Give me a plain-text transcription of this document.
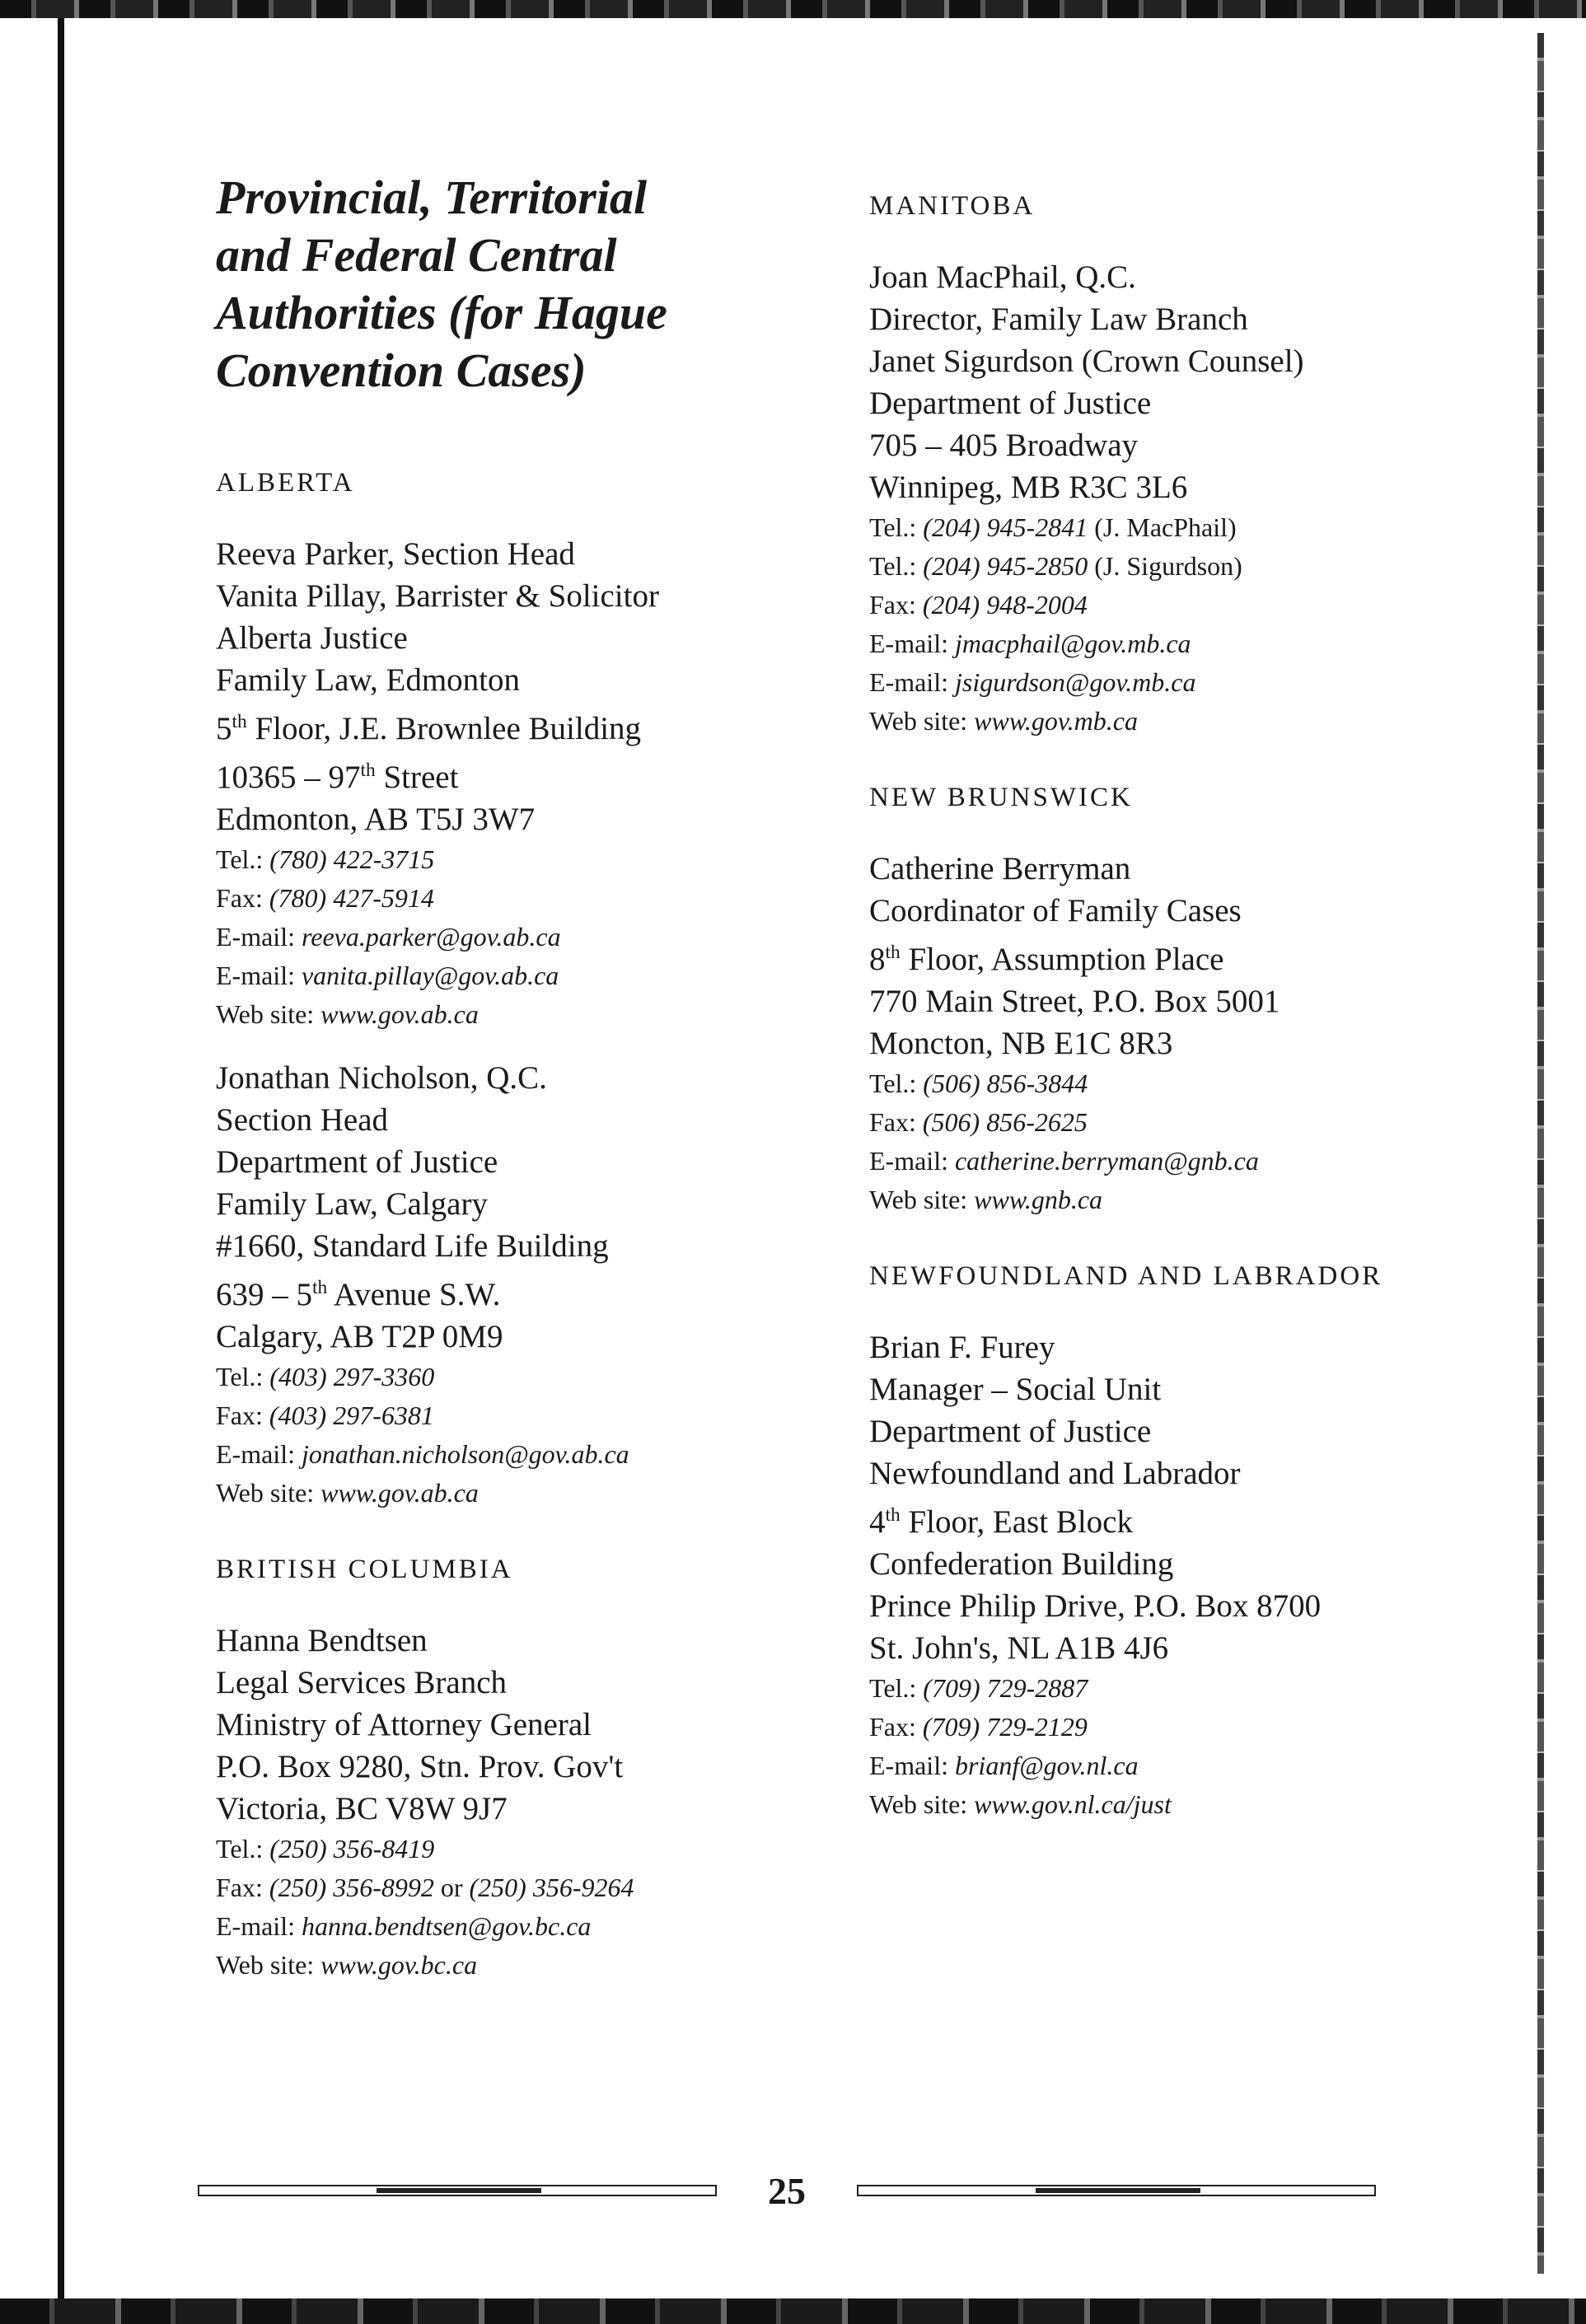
Provincial, Territorial
and Federal Central
Authorities (for Hague
Convention Cases)
ALBERTA
Reeva Parker, Section Head
Vanita Pillay, Barrister & Solicitor
Alberta Justice
Family Law, Edmonton
5th Floor, J.E. Brownlee Building
10365 – 97th Street
Edmonton, AB T5J 3W7
Tel.: (780) 422-3715
Fax: (780) 427-5914
E-mail: reeva.parker@gov.ab.ca
E-mail: vanita.pillay@gov.ab.ca
Web site: www.gov.ab.ca
Jonathan Nicholson, Q.C.
Section Head
Department of Justice
Family Law, Calgary
#1660, Standard Life Building
639 – 5th Avenue S.W.
Calgary, AB T2P 0M9
Tel.: (403) 297-3360
Fax: (403) 297-6381
E-mail: jonathan.nicholson@gov.ab.ca
Web site: www.gov.ab.ca
BRITISH COLUMBIA
Hanna Bendtsen
Legal Services Branch
Ministry of Attorney General
P.O. Box 9280, Stn. Prov. Gov't
Victoria, BC V8W 9J7
Tel.: (250) 356-8419
Fax: (250) 356-8992 or (250) 356-9264
E-mail: hanna.bendtsen@gov.bc.ca
Web site: www.gov.bc.ca
MANITOBA
Joan MacPhail, Q.C.
Director, Family Law Branch
Janet Sigurdson (Crown Counsel)
Department of Justice
705 – 405 Broadway
Winnipeg, MB R3C 3L6
Tel.: (204) 945-2841 (J. MacPhail)
Tel.: (204) 945-2850 (J. Sigurdson)
Fax: (204) 948-2004
E-mail: jmacphail@gov.mb.ca
E-mail: jsigurdson@gov.mb.ca
Web site: www.gov.mb.ca
NEW BRUNSWICK
Catherine Berryman
Coordinator of Family Cases
8th Floor, Assumption Place
770 Main Street, P.O. Box 5001
Moncton, NB E1C 8R3
Tel.: (506) 856-3844
Fax: (506) 856-2625
E-mail: catherine.berryman@gnb.ca
Web site: www.gnb.ca
NEWFOUNDLAND AND LABRADOR
Brian F. Furey
Manager – Social Unit
Department of Justice
Newfoundland and Labrador
4th Floor, East Block
Confederation Building
Prince Philip Drive, P.O. Box 8700
St. John's, NL A1B 4J6
Tel.: (709) 729-2887
Fax: (709) 729-2129
E-mail: brianf@gov.nl.ca
Web site: www.gov.nl.ca/just
25
